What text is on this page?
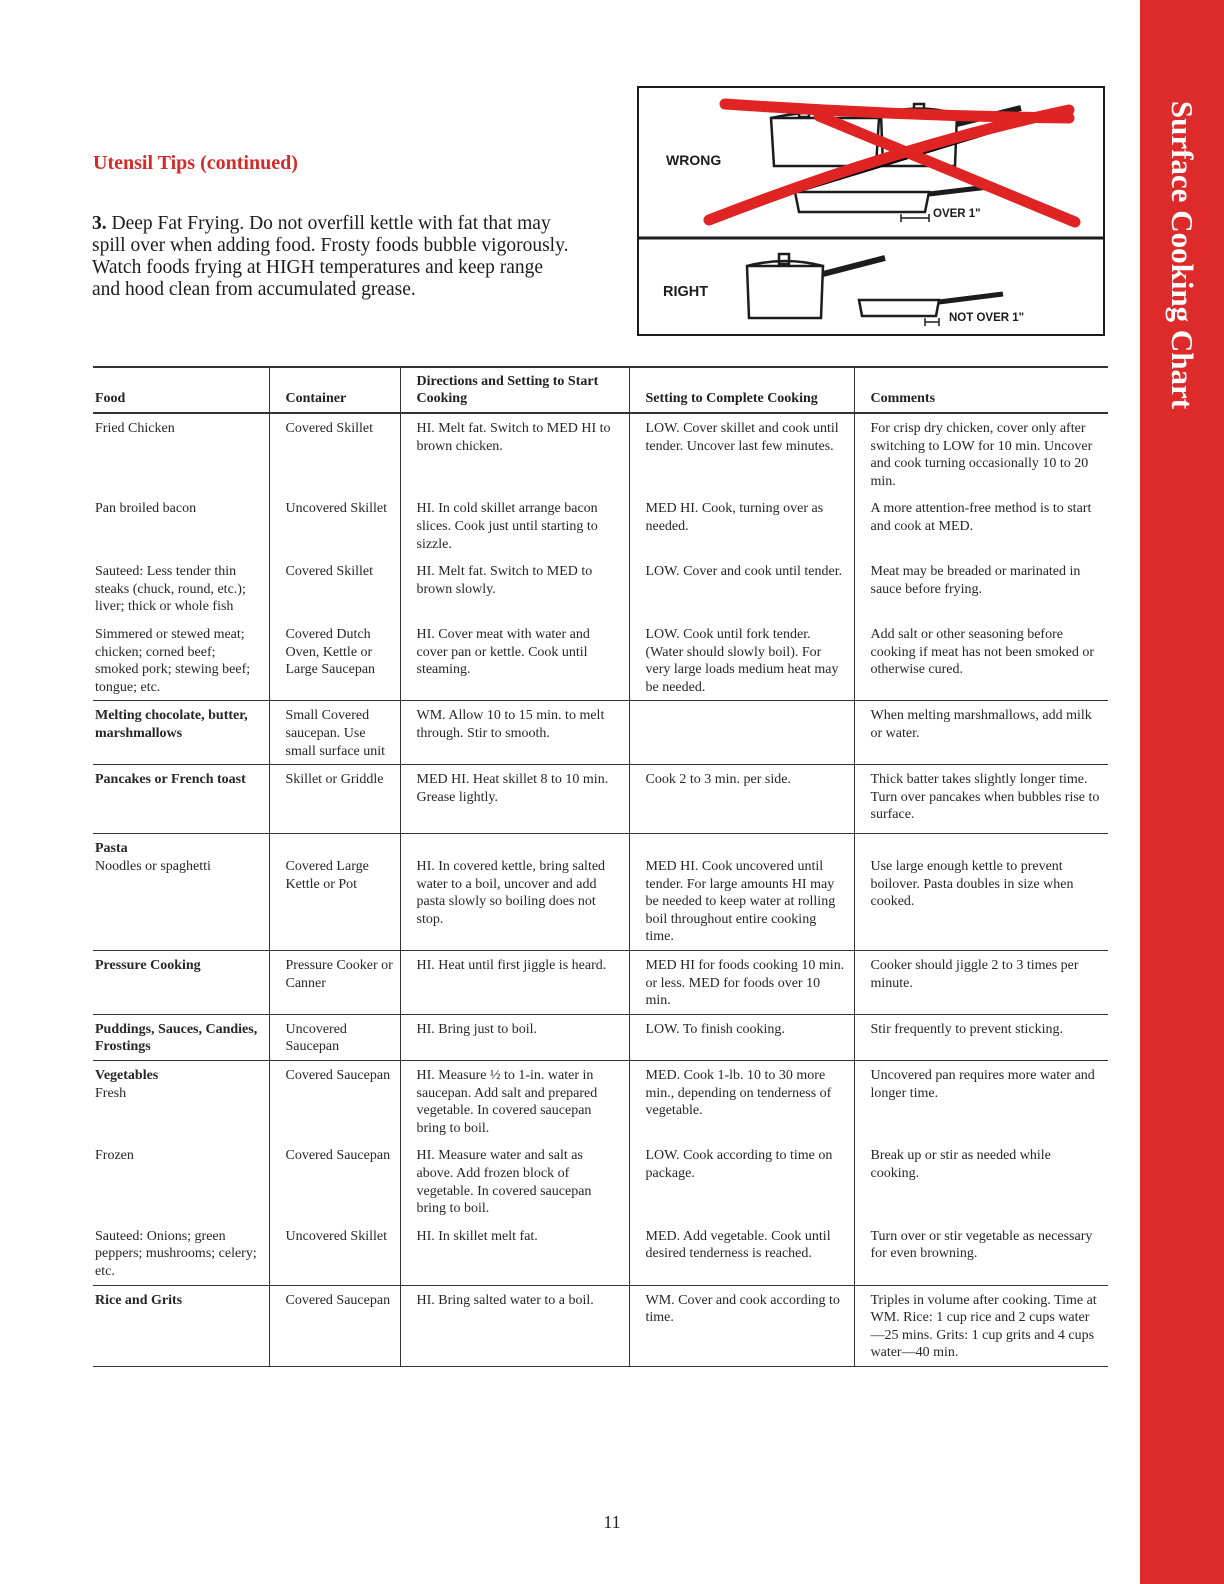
Surface Cooking Chart
Utensil Tips (continued)

3. Deep Fat Frying. Do not overfill kettle with fat that may spill over when adding food. Frosty foods bubble vigorously. Watch foods frying at HIGH temperatures and keep range and hood clean from accumulated grease.

WRONG
OVER 1"
RIGHT
NOT OVER 1"
Food	Container	Directions and Setting to Start Cooking	Setting to Complete Cooking	Comments

Fried Chicken	Covered Skillet	HI. Melt fat. Switch to MED HI to brown chicken.	LOW. Cover skillet and cook until tender. Uncover last few minutes.	For crisp dry chicken, cover only after switching to LOW for 10 min. Uncover and cook turning occasionally 10 to 20 min.

Pan broiled bacon	Uncovered Skillet	HI. In cold skillet arrange bacon slices. Cook just until starting to sizzle.	MED HI. Cook, turning over as needed.	A more attention-free method is to start and cook at MED.

Sauteed: Less tender thin steaks (chuck, round, etc.); liver; thick or whole fish	Covered Skillet	HI. Melt fat. Switch to MED to brown slowly.	LOW. Cover and cook until tender.	Meat may be breaded or marinated in sauce before frying.

Simmered or stewed meat; chicken; corned beef; smoked pork; stewing beef; tongue; etc.	Covered Dutch Oven, Kettle or Large Saucepan	HI. Cover meat with water and cover pan or kettle. Cook until steaming.	LOW. Cook until fork tender. (Water should slowly boil). For very large loads medium heat may be needed.	Add salt or other seasoning before cooking if meat has not been smoked or otherwise cured.

Melting chocolate, butter, marshmallows	Small Covered saucepan. Use small surface unit	WM. Allow 10 to 15 min. to melt through. Stir to smooth.		When melting marshmallows, add milk or water.

Pancakes or French toast	Skillet or Griddle	MED HI. Heat skillet 8 to 10 min. Grease lightly.	Cook 2 to 3 min. per side.	Thick batter takes slightly longer time. Turn over pancakes when bubbles rise to surface.

Pasta
Noodles or spaghetti	Covered Large Kettle or Pot	HI. In covered kettle, bring salted water to a boil, uncover and add pasta slowly so boiling does not stop.	MED HI. Cook uncovered until tender. For large amounts HI may be needed to keep water at rolling boil throughout entire cooking time.	Use large enough kettle to prevent boilover. Pasta doubles in size when cooked.

Pressure Cooking	Pressure Cooker or Canner	HI. Heat until first jiggle is heard.	MED HI for foods cooking 10 min. or less. MED for foods over 10 min.	Cooker should jiggle 2 to 3 times per minute.

Puddings, Sauces, Candies, Frostings	Uncovered Saucepan	HI. Bring just to boil.	LOW. To finish cooking.	Stir frequently to prevent sticking.

Vegetables
Fresh	Covered Saucepan	HI. Measure ½ to 1-in. water in saucepan. Add salt and prepared vegetable. In covered saucepan bring to boil.	MED. Cook 1-lb. 10 to 30 more min., depending on tenderness of vegetable.	Uncovered pan requires more water and longer time.

Frozen	Covered Saucepan	HI. Measure water and salt as above. Add frozen block of vegetable. In covered saucepan bring to boil.	LOW. Cook according to time on package.	Break up or stir as needed while cooking.

Sauteed: Onions; green peppers; mushrooms; celery; etc.	Uncovered Skillet	HI. In skillet melt fat.	MED. Add vegetable. Cook until desired tenderness is reached.	Turn over or stir vegetable as necessary for even browning.

Rice and Grits	Covered Saucepan	HI. Bring salted water to a boil.	WM. Cover and cook according to time.	Triples in volume after cooking. Time at WM. Rice: 1 cup rice and 2 cups water—25 mins. Grits: 1 cup grits and 4 cups water—40 min.
11
